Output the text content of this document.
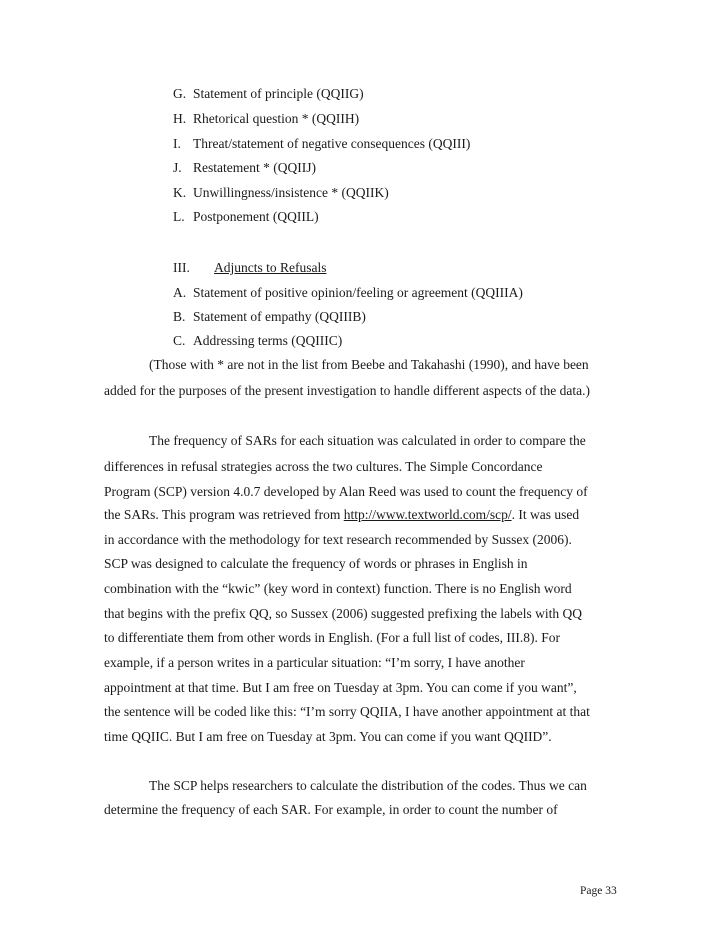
G. Statement of principle (QQIIG)
H. Rhetorical question * (QQIIH)
I. Threat/statement of negative consequences (QQIII)
J. Restatement * (QQIIJ)
K. Unwillingness/insistence * (QQIIK)
L. Postponement (QQIIL)
III. Adjuncts to Refusals
A. Statement of positive opinion/feeling or agreement (QQIIIA)
B. Statement of empathy (QQIIIB)
C. Addressing terms (QQIIIC)
(Those with * are not in the list from Beebe and Takahashi (1990), and have been
added for the purposes of the present investigation to handle different aspects of the data.)
The frequency of SARs for each situation was calculated in order to compare the
differences in refusal strategies across the two cultures. The Simple Concordance
Program (SCP) version 4.0.7 developed by Alan Reed was used to count the frequency of
the SARs. This program was retrieved from http://www.textworld.com/scp/. It was used
in accordance with the methodology for text research recommended by Sussex (2006).
SCP was designed to calculate the frequency of words or phrases in English in
combination with the “kwic” (key word in context) function. There is no English word
that begins with the prefix QQ, so Sussex (2006) suggested prefixing the labels with QQ
to differentiate them from other words in English. (For a full list of codes, III.8). For
example, if a person writes in a particular situation: “I’m sorry, I have another
appointment at that time. But I am free on Tuesday at 3pm. You can come if you want”,
the sentence will be coded like this: “I’m sorry QQIIA, I have another appointment at that
time QQIIC. But I am free on Tuesday at 3pm. You can come if you want QQIID”.
The SCP helps researchers to calculate the distribution of the codes. Thus we can
determine the frequency of each SAR. For example, in order to count the number of
Page 33
